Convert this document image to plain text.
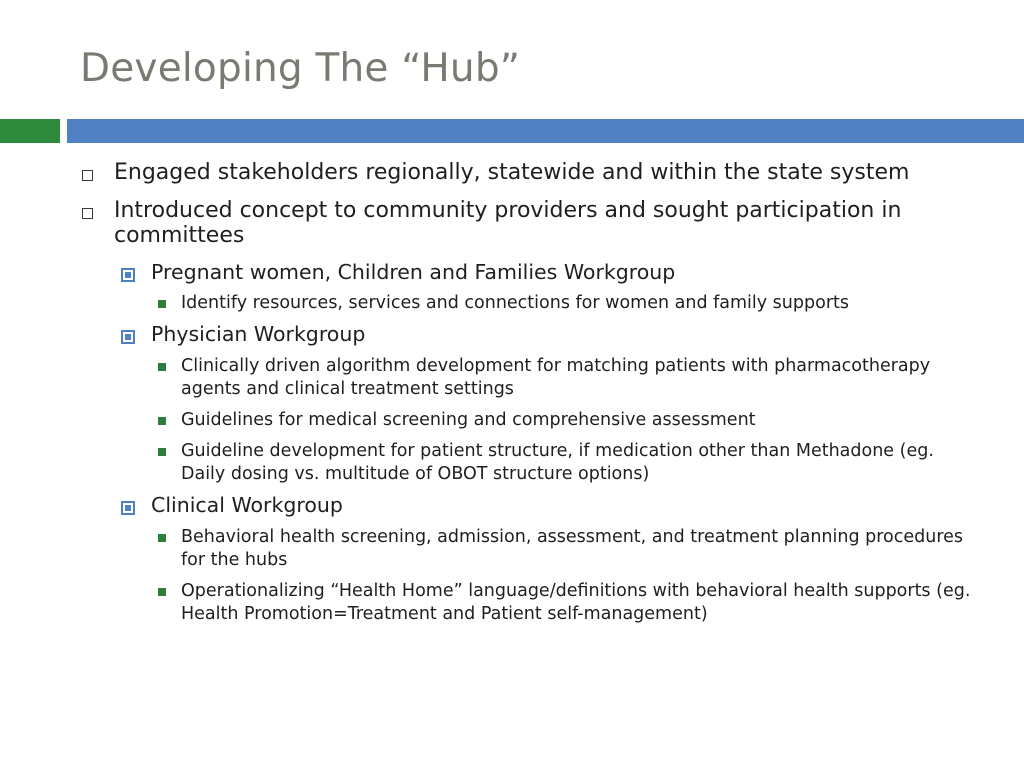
Developing The “Hub”
Engaged stakeholders regionally, statewide and within the state system
Introduced concept to community providers and sought participation in committees
Pregnant women, Children and Families Workgroup
Identify resources, services and connections for women and family supports
Physician Workgroup
Clinically driven algorithm development for matching patients with pharmacotherapy agents and clinical treatment settings
Guidelines for medical screening and comprehensive assessment
Guideline development for patient structure, if medication other than Methadone (eg. Daily dosing vs. multitude of OBOT structure options)
Clinical Workgroup
Behavioral health screening, admission, assessment, and treatment planning procedures for the hubs
Operationalizing “Health Home” language/definitions with behavioral health supports (eg. Health Promotion=Treatment and Patient self-management)
